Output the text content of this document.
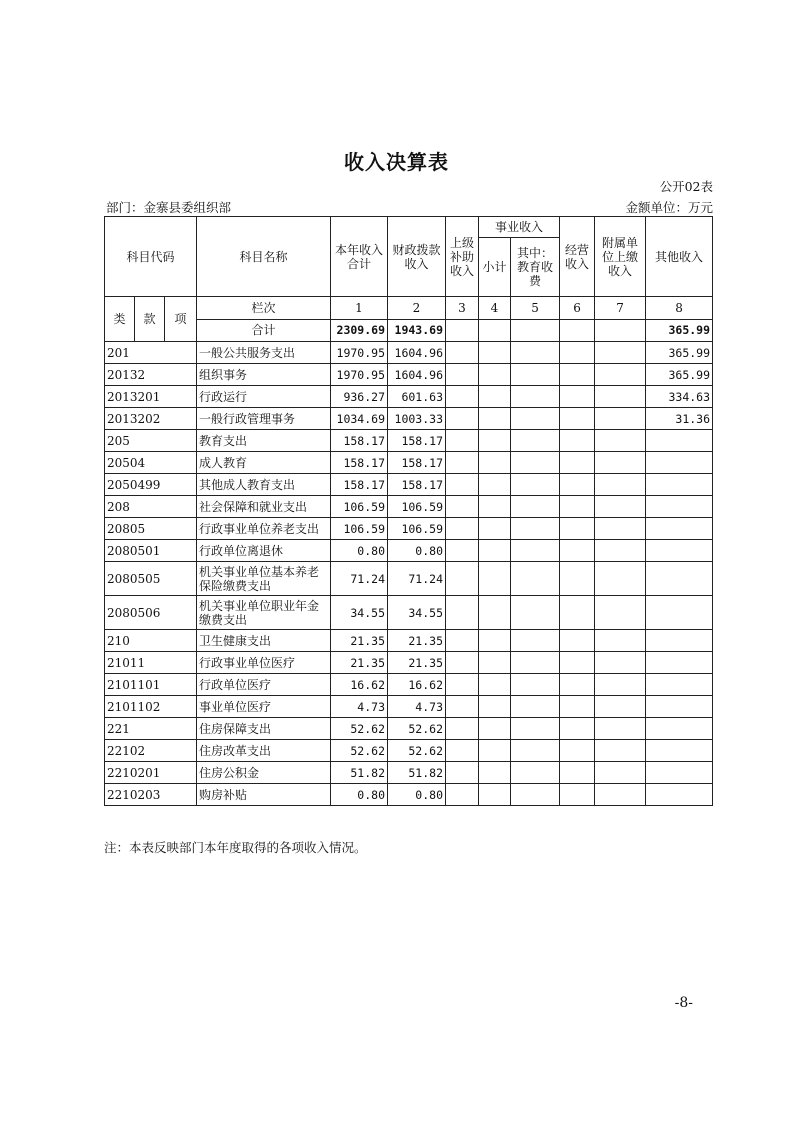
收入决算表
公开02表
部门：金寨县委组织部	金额单位：万元
科目代码			科目名称	本年收入合计	财政拨款收入	上级补助收入	事业收入		经营收入	附属单位上缴收入	其他收入
							小计	其中：教育收费			

类	款	项	栏次	1	2	3	4	5	6	7	8
			合计	2309.69	1943.69						365.99
201			一般公共服务支出	1970.95	1604.96						365.99
20132			组织事务	1970.95	1604.96						365.99
2013201			行政运行	936.27	601.63						334.63
2013202			一般行政管理事务	1034.69	1003.33						31.36
205			教育支出	158.17	158.17						
20504			成人教育	158.17	158.17						
2050499			其他成人教育支出	158.17	158.17						
208			社会保障和就业支出	106.59	106.59						
20805			行政事业单位养老支出	106.59	106.59						
2080501			行政单位离退休	0.80	0.80						
2080505			机关事业单位基本养老保险缴费支出	71.24	71.24						
2080506			机关事业单位职业年金缴费支出	34.55	34.55						
210			卫生健康支出	21.35	21.35						
21011			行政事业单位医疗	21.35	21.35						
2101101			行政单位医疗	16.62	16.62						
2101102			事业单位医疗	4.73	4.73						
221			住房保障支出	52.62	52.62						
22102			住房改革支出	52.62	52.62						
2210201			住房公积金	51.82	51.82						
2210203			购房补贴	0.80	0.80						
注：本表反映部门本年度取得的各项收入情况。
-8-
